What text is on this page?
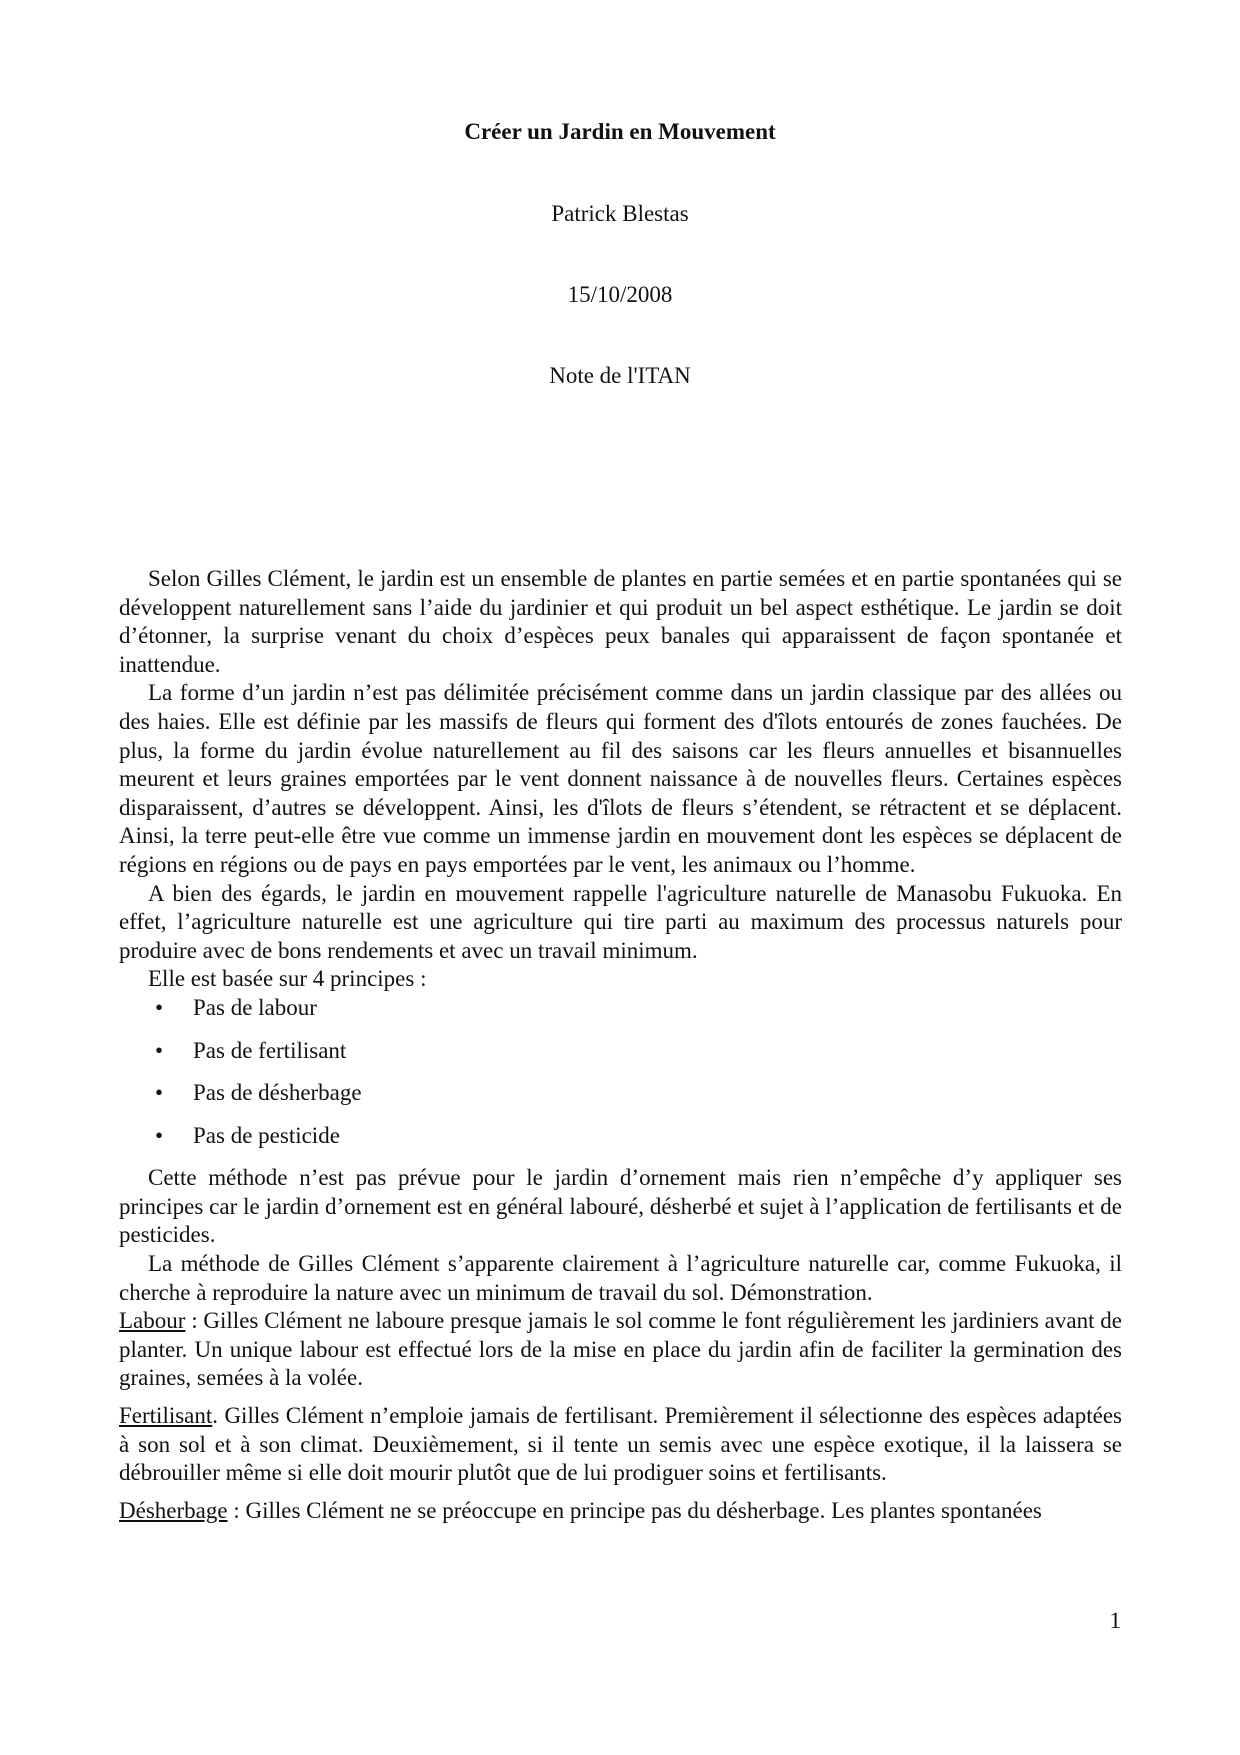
Créer un Jardin en Mouvement
Patrick Blestas
15/10/2008
Note de l'ITAN

Selon Gilles Clément, le jardin est un ensemble de plantes en partie semées et en partie spontanées qui se développent naturellement sans l’aide du jardinier et qui produit un bel aspect esthétique. Le jardin se doit d’étonner, la surprise venant du choix d’espèces peux banales qui apparaissent de façon spontanée et inattendue.

La forme d’un jardin n’est pas délimitée précisément comme dans un jardin classique par des allées ou des haies. Elle est définie par les massifs de fleurs qui forment des d'îlots entourés de zones fauchées. De plus, la forme du jardin évolue naturellement au fil des saisons car les fleurs annuelles et bisannuelles meurent et leurs graines emportées par le vent donnent naissance à de nouvelles fleurs. Certaines espèces disparaissent, d’autres se développent. Ainsi, les d'îlots de fleurs s’étendent, se rétractent et se déplacent. Ainsi, la terre peut-elle être vue comme un immense jardin en mouvement dont les espèces se déplacent de régions en régions ou de pays en pays emportées par le vent, les animaux ou l’homme.

A bien des égards, le jardin en mouvement rappelle l'agriculture naturelle de Manasobu Fukuoka. En effet, l’agriculture naturelle est une agriculture qui tire parti au maximum des processus naturels pour produire avec de bons rendements et avec un travail minimum.

Elle est basée sur 4 principes :

• Pas de labour
• Pas de fertilisant
• Pas de désherbage
• Pas de pesticide

Cette méthode n’est pas prévue pour le jardin d’ornement mais rien n’empêche d’y appliquer ses principes car le jardin d’ornement est en général labouré, désherbé et sujet à l’application de fertilisants et de pesticides.

La méthode de Gilles Clément s’apparente clairement à l’agriculture naturelle car, comme Fukuoka, il cherche à reproduire la nature avec un minimum de travail du sol. Démonstration.

Labour : Gilles Clément ne laboure presque jamais le sol comme le font régulièrement les jardiniers avant de planter. Un unique labour est effectué lors de la mise en place du jardin afin de faciliter la germination des graines, semées à la volée.

Fertilisant. Gilles Clément n’emploie jamais de fertilisant. Premièrement il sélectionne des espèces adaptées à son sol et à son climat. Deuxièmement, si il tente un semis avec une espèce exotique, il la laissera se débrouiller même si elle doit mourir plutôt que de lui prodiguer soins et fertilisants.

Désherbage : Gilles Clément ne se préoccupe en principe pas du désherbage. Les plantes spontanées

1
